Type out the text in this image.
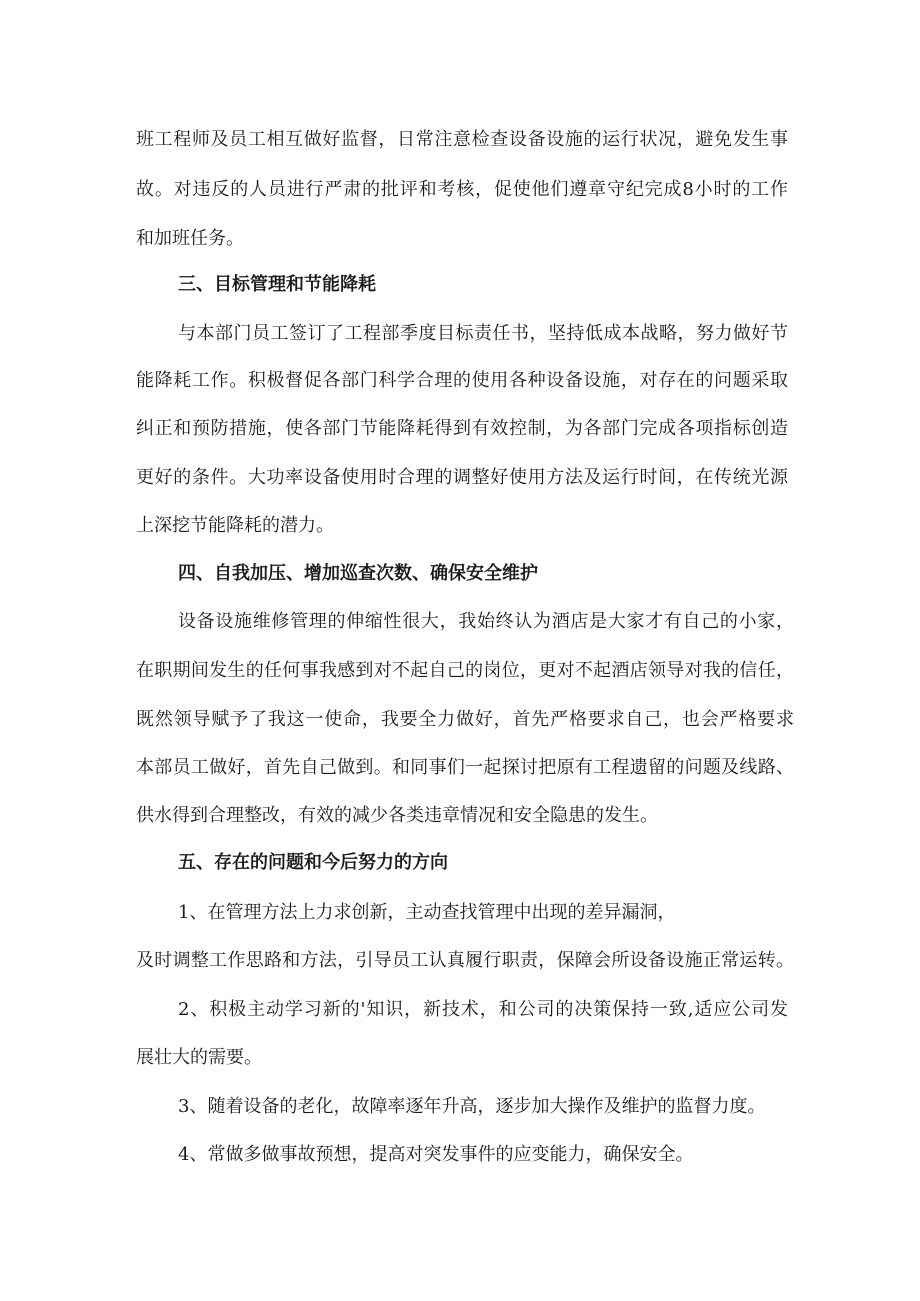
班工程师及员工相互做好监督，日常注意检查设备设施的运行状况，避免发生事
故。对违反的人员进行严肃的批评和考核，促使他们遵章守纪完成8小时的工作
和加班任务。
三、目标管理和节能降耗
与本部门员工签订了工程部季度目标责任书，坚持低成本战略，努力做好节
能降耗工作。积极督促各部门科学合理的使用各种设备设施，对存在的问题采取
纠正和预防措施，使各部门节能降耗得到有效控制，为各部门完成各项指标创造
更好的条件。大功率设备使用时合理的调整好使用方法及运行时间，在传统光源
上深挖节能降耗的潜力。
四、自我加压、增加巡查次数、确保安全维护
设备设施维修管理的伸缩性很大，我始终认为酒店是大家才有自己的小家，
在职期间发生的任何事我感到对不起自己的岗位，更对不起酒店领导对我的信任，
既然领导赋予了我这一使命，我要全力做好，首先严格要求自己，也会严格要求
本部员工做好，首先自己做到。和同事们一起探讨把原有工程遗留的问题及线路、
供水得到合理整改，有效的减少各类违章情况和安全隐患的发生。
五、存在的问题和今后努力的方向
1、在管理方法上力求创新，主动查找管理中出现的差异漏洞，
及时调整工作思路和方法，引导员工认真履行职责，保障会所设备设施正常运转。
2、积极主动学习新的'知识，新技术，和公司的决策保持一致,适应公司发
展壮大的需要。
3、随着设备的老化，故障率逐年升高，逐步加大操作及维护的监督力度。
4、常做多做事故预想，提高对突发事件的应变能力，确保安全。
